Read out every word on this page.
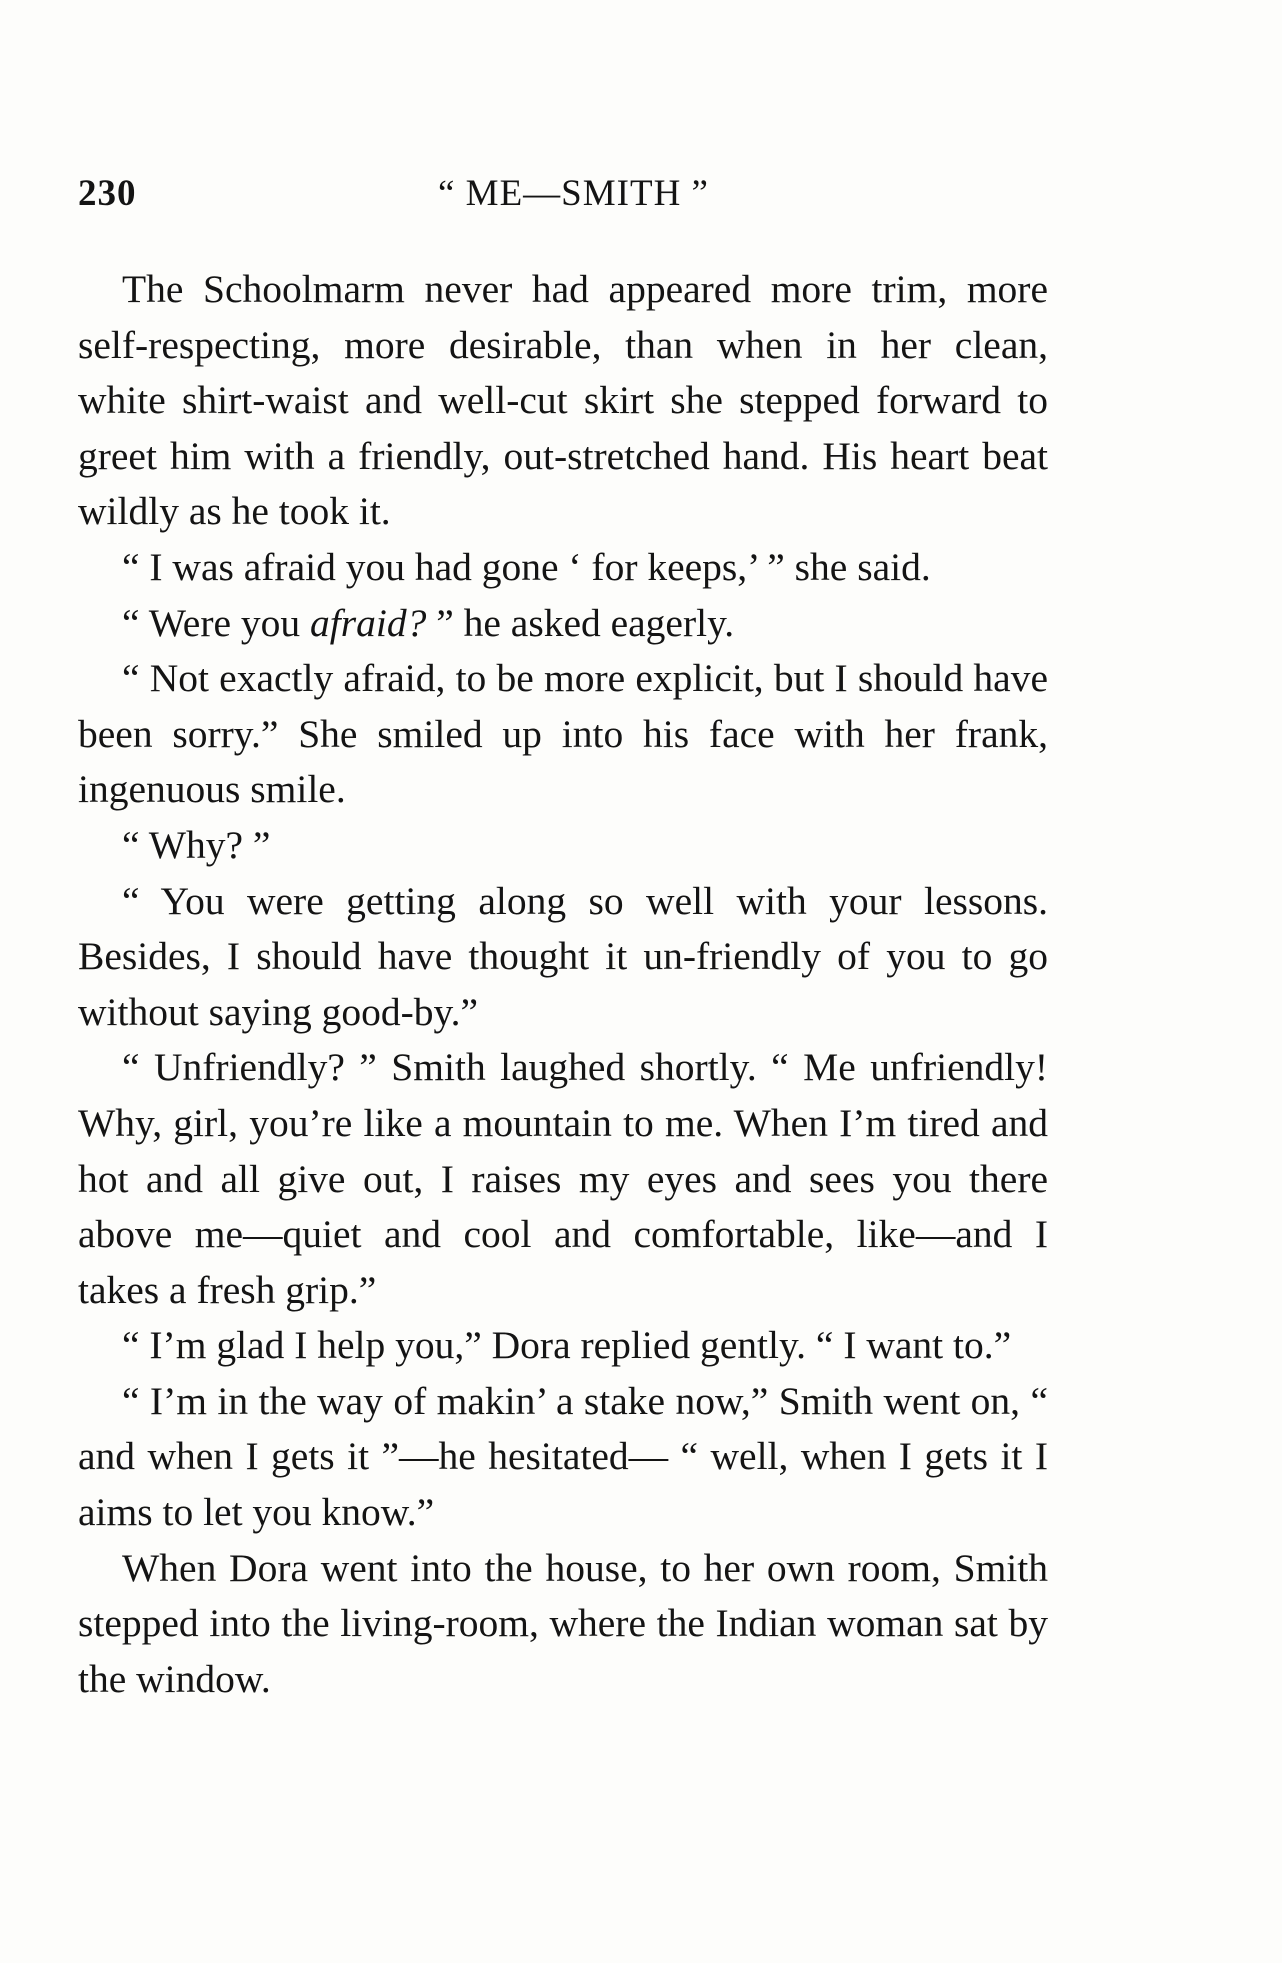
230	“ ME—SMITH ”

The Schoolmarm never had appeared more trim, more self-respecting, more desirable, than when in her clean, white shirt-waist and well-cut skirt she stepped forward to greet him with a friendly, out-stretched hand. His heart beat wildly as he took it.

“ I was afraid you had gone ‘ for keeps,’ ” she said.

“ Were you afraid? ” he asked eagerly.

“ Not exactly afraid, to be more explicit, but I should have been sorry.” She smiled up into his face with her frank, ingenuous smile.

“ Why? ”

“ You were getting along so well with your lessons. Besides, I should have thought it un-friendly of you to go without saying good-by.”

“ Unfriendly? ” Smith laughed shortly. “ Me unfriendly! Why, girl, you’re like a mountain to me. When I’m tired and hot and all give out, I raises my eyes and sees you there above me—quiet and cool and comfortable, like—and I takes a fresh grip.”

“ I’m glad I help you,” Dora replied gently. “ I want to.”

“ I’m in the way of makin’ a stake now,” Smith went on, “ and when I gets it ”—he hesitated— “ well, when I gets it I aims to let you know.”

When Dora went into the house, to her own room, Smith stepped into the living-room, where the Indian woman sat by the window.
